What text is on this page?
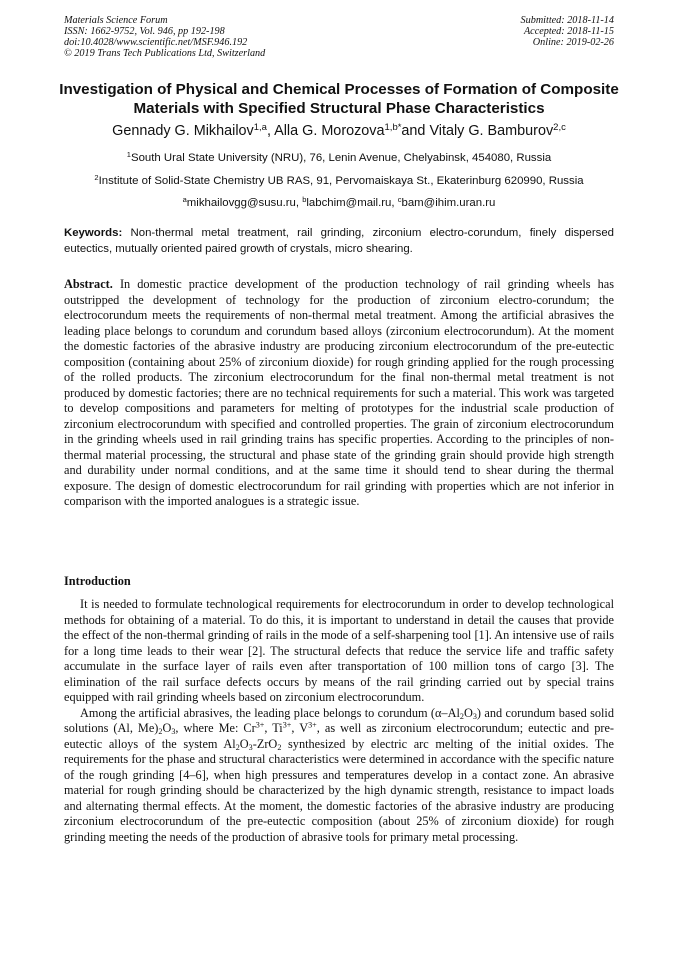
Materials Science Forum
ISSN: 1662-9752, Vol. 946, pp 192-198
doi:10.4028/www.scientific.net/MSF.946.192
© 2019 Trans Tech Publications Ltd, Switzerland
Submitted: 2018-11-14
Accepted: 2018-11-15
Online: 2019-02-26
Investigation of Physical and Chemical Processes of Formation of Composite Materials with Specified Structural Phase Characteristics
Gennady G. Mikhailov$^{1,a}$, Alla G. Morozova$^{1,b*}$and Vitaly G. Bamburov$^{2,c}$
$^1$South Ural State University (NRU), 76, Lenin Avenue, Chelyabinsk, 454080, Russia
$^2$Institute of Solid-State Chemistry UB RAS, 91, Pervomaiskaya St., Ekaterinburg 620990, Russia
$^a$mikhailovgg@susu.ru, $^b$labchim@mail.ru, $^c$bam@ihim.uran.ru
Keywords: Non-thermal metal treatment, rail grinding, zirconium electro-corundum, finely dispersed eutectics, mutually oriented paired growth of crystals, micro shearing.
Abstract. In domestic practice development of the production technology of rail grinding wheels has outstripped the development of technology for the production of zirconium electro-corundum; the electrocorundum meets the requirements of non-thermal metal treatment. Among the artificial abrasives the leading place belongs to corundum and corundum based alloys (zirconium electrocorundum). At the moment the domestic factories of the abrasive industry are producing zirconium electrocorundum of the pre-eutectic composition (containing about 25% of zirconium dioxide) for rough grinding applied for the rough processing of the rolled products. The zirconium electrocorundum for the final non-thermal metal treatment is not produced by domestic factories; there are no technical requirements for such a material. This work was targeted to develop compositions and parameters for melting of prototypes for the industrial scale production of zirconium electrocorundum with specified and controlled properties. The grain of zirconium electrocorundum in the grinding wheels used in rail grinding trains has specific properties. According to the principles of non-thermal material processing, the structural and phase state of the grinding grain should provide high strength and durability under normal conditions, and at the same time it should tend to shear during the thermal exposure. The design of domestic electrocorundum for rail grinding with properties which are not inferior in comparison with the imported analogues is a strategic issue.
Introduction

It is needed to formulate technological requirements for electrocorundum in order to develop technological methods for obtaining of a material. To do this, it is important to understand in detail the causes that provide the effect of the non-thermal grinding of rails in the mode of a self-sharpening tool [1]. An intensive use of rails for a long time leads to their wear [2]. The structural defects that reduce the service life and traffic safety accumulate in the surface layer of rails even after transportation of 100 million tons of cargo [3]. The elimination of the rail surface defects occurs by means of the rail grinding carried out by special trains equipped with rail grinding wheels based on zirconium electrocorundum.

Among the artificial abrasives, the leading place belongs to corundum $(\alpha-Al_2O_3)$ and corundum based solid solutions (Al, $Me)_2O_3$, where Me: $Cr^{3+}$, $Ti^{3+}$, $V^{3+}$, as well as zirconium electrocorundum; eutectic and pre-eutectic alloys of the system $Al_2O_3-ZrO_2$ synthesized by electric arc melting of the initial oxides. The requirements for the phase and structural characteristics were determined in accordance with the specific nature of the rough grinding [4–6], when high pressures and temperatures develop in a contact zone. An abrasive material for rough grinding should be characterized by the high dynamic strength, resistance to impact loads and alternating thermal effects. At the moment, the domestic factories of the abrasive industry are producing zirconium electrocorundum of the pre-eutectic composition (about 25% of zirconium dioxide) for rough grinding meeting the needs of the production of abrasive tools for primary metal processing.
